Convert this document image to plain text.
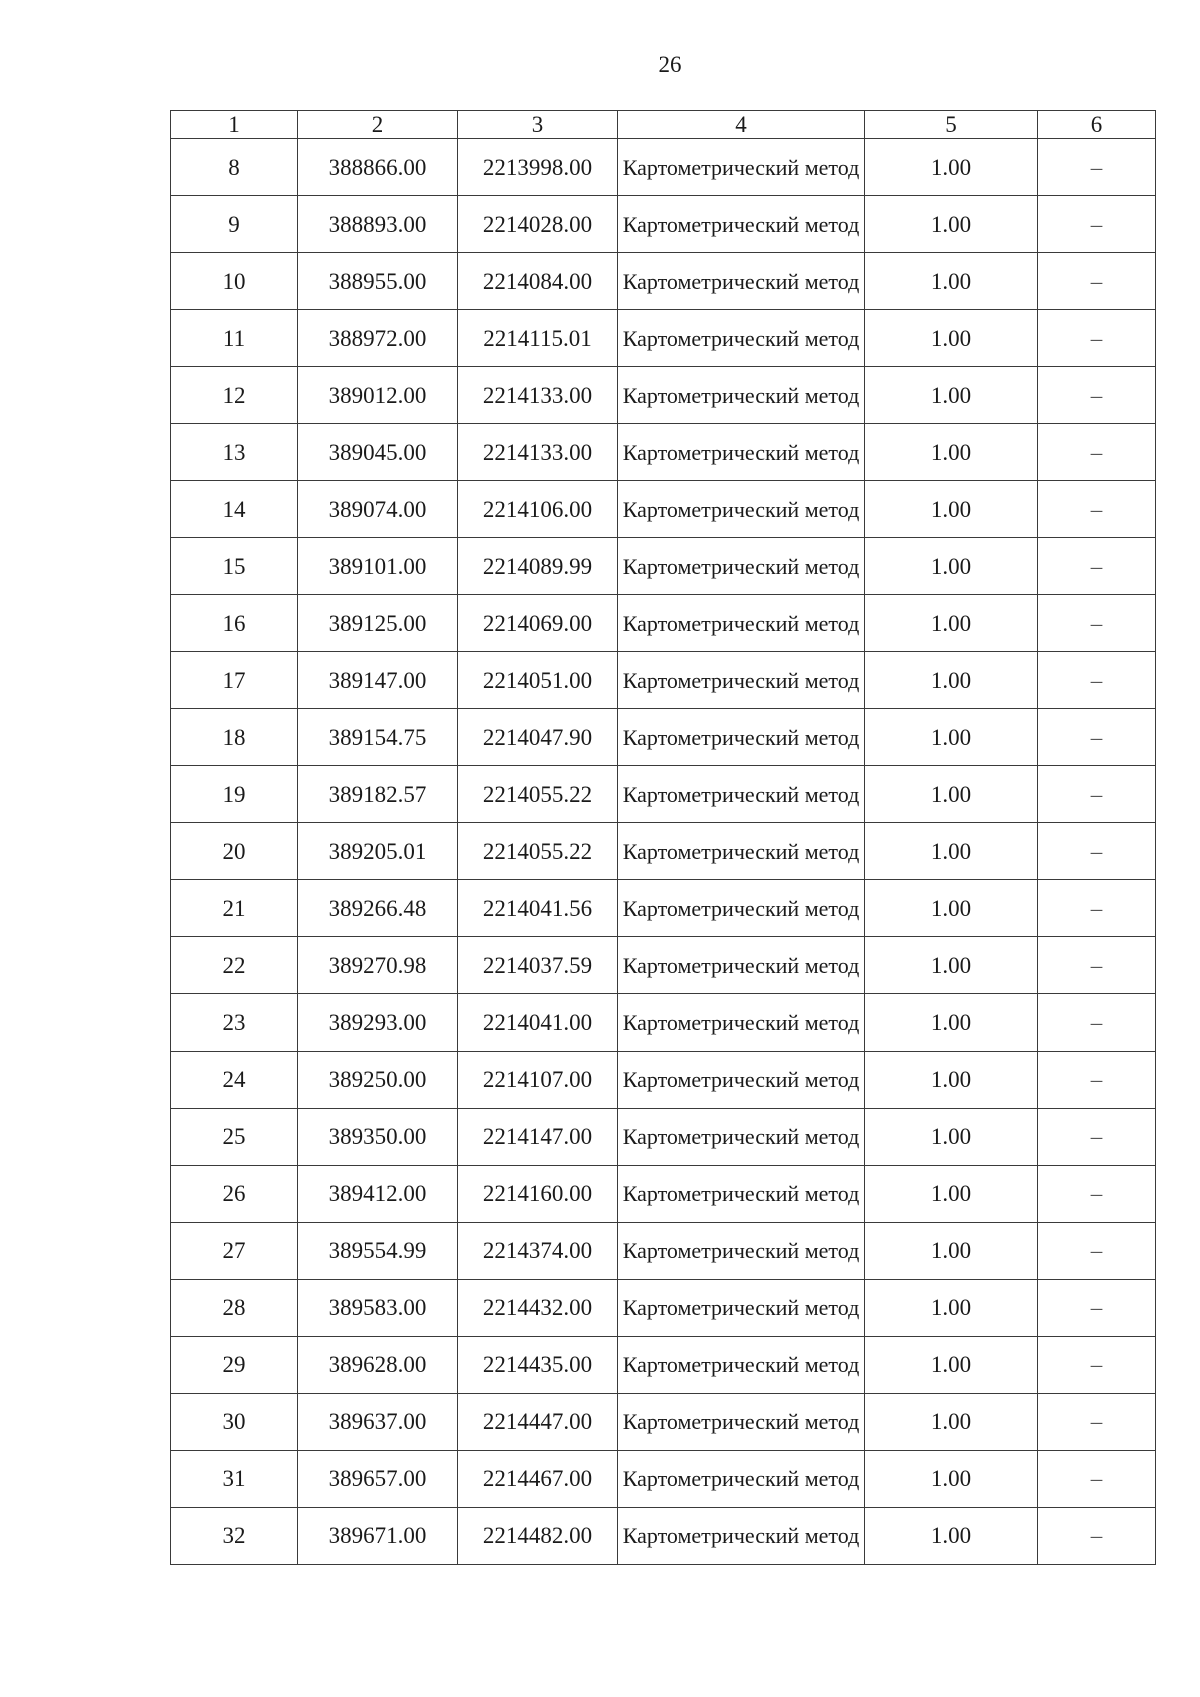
26
1	2	3	4	5	6
8	388866.00	2213998.00	Картометрический метод	1.00	–
9	388893.00	2214028.00	Картометрический метод	1.00	–
10	388955.00	2214084.00	Картометрический метод	1.00	–
11	388972.00	2214115.01	Картометрический метод	1.00	–
12	389012.00	2214133.00	Картометрический метод	1.00	–
13	389045.00	2214133.00	Картометрический метод	1.00	–
14	389074.00	2214106.00	Картометрический метод	1.00	–
15	389101.00	2214089.99	Картометрический метод	1.00	–
16	389125.00	2214069.00	Картометрический метод	1.00	–
17	389147.00	2214051.00	Картометрический метод	1.00	–
18	389154.75	2214047.90	Картометрический метод	1.00	–
19	389182.57	2214055.22	Картометрический метод	1.00	–
20	389205.01	2214055.22	Картометрический метод	1.00	–
21	389266.48	2214041.56	Картометрический метод	1.00	–
22	389270.98	2214037.59	Картометрический метод	1.00	–
23	389293.00	2214041.00	Картометрический метод	1.00	–
24	389250.00	2214107.00	Картометрический метод	1.00	–
25	389350.00	2214147.00	Картометрический метод	1.00	–
26	389412.00	2214160.00	Картометрический метод	1.00	–
27	389554.99	2214374.00	Картометрический метод	1.00	–
28	389583.00	2214432.00	Картометрический метод	1.00	–
29	389628.00	2214435.00	Картометрический метод	1.00	–
30	389637.00	2214447.00	Картометрический метод	1.00	–
31	389657.00	2214467.00	Картометрический метод	1.00	–
32	389671.00	2214482.00	Картометрический метод	1.00	–
